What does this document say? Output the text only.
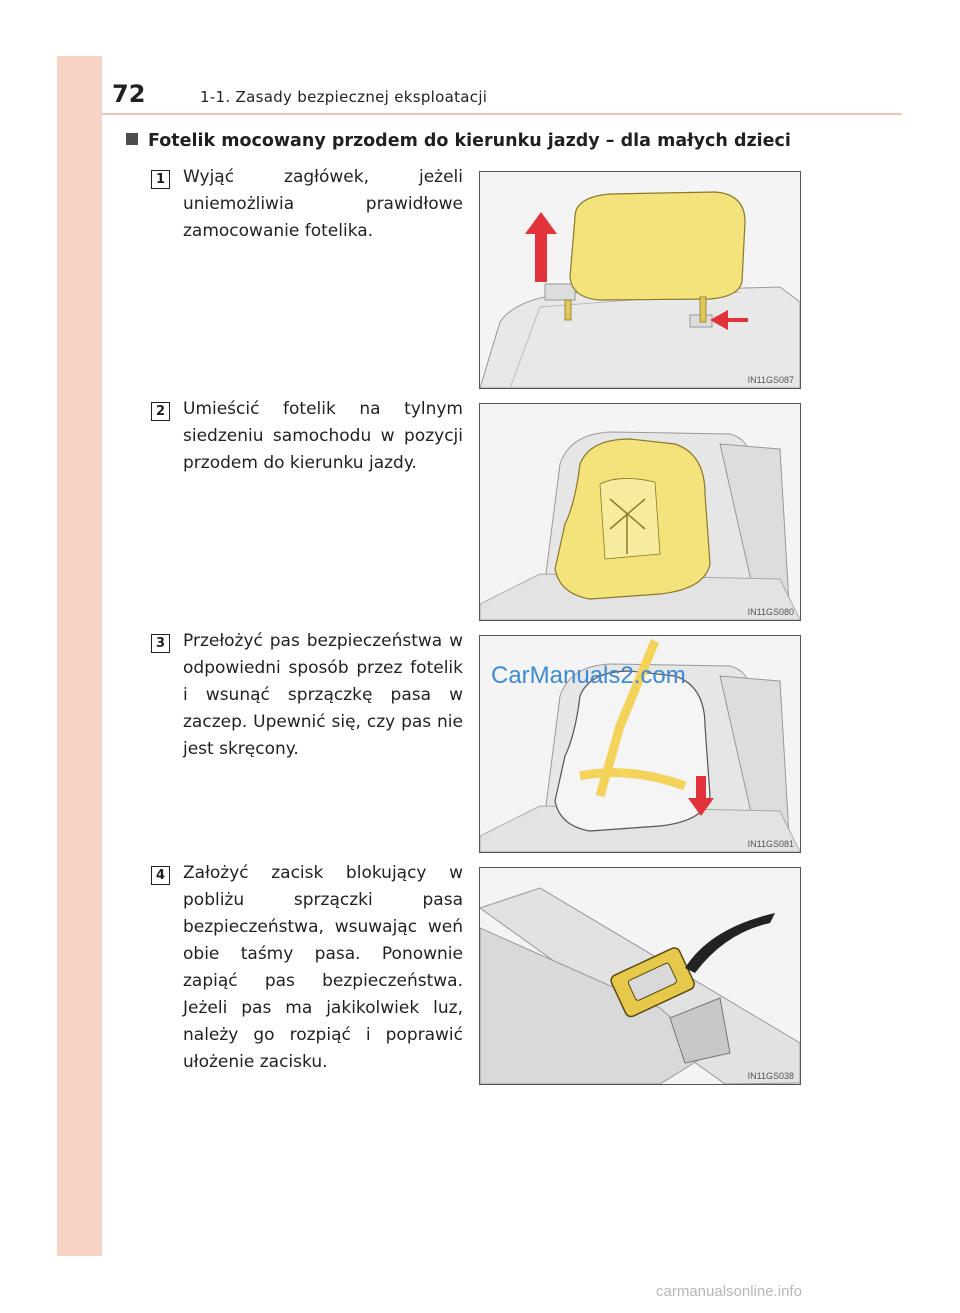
72	1-1. Zasady bezpiecznej eksploatacji
Fotelik mocowany przodem do kierunku jazdy – dla małych dzieci
1 Wyjąć zagłówek, jeżeli uniemożliwia prawidłowe zamocowanie fotelika.
IN11GS087
2 Umieścić fotelik na tylnym siedzeniu samochodu w pozycji przodem do kierunku jazdy.
IN11GS080
3 Przełożyć pas bezpieczeństwa w odpowiedni sposób przez fotelik i wsunąć sprzączkę pasa w zaczep. Upewnić się, czy pas nie jest skręcony.
IN11GS081
CarManuals2.com
4 Założyć zacisk blokujący w pobliżu sprzączki pasa bezpieczeństwa, wsuwając weń obie taśmy pasa. Ponownie zapiąć pas bezpieczeństwa. Jeżeli pas ma jakikolwiek luz, należy go rozpiąć i poprawić ułożenie zacisku.
IN11GS038
carmanualsonline.info
